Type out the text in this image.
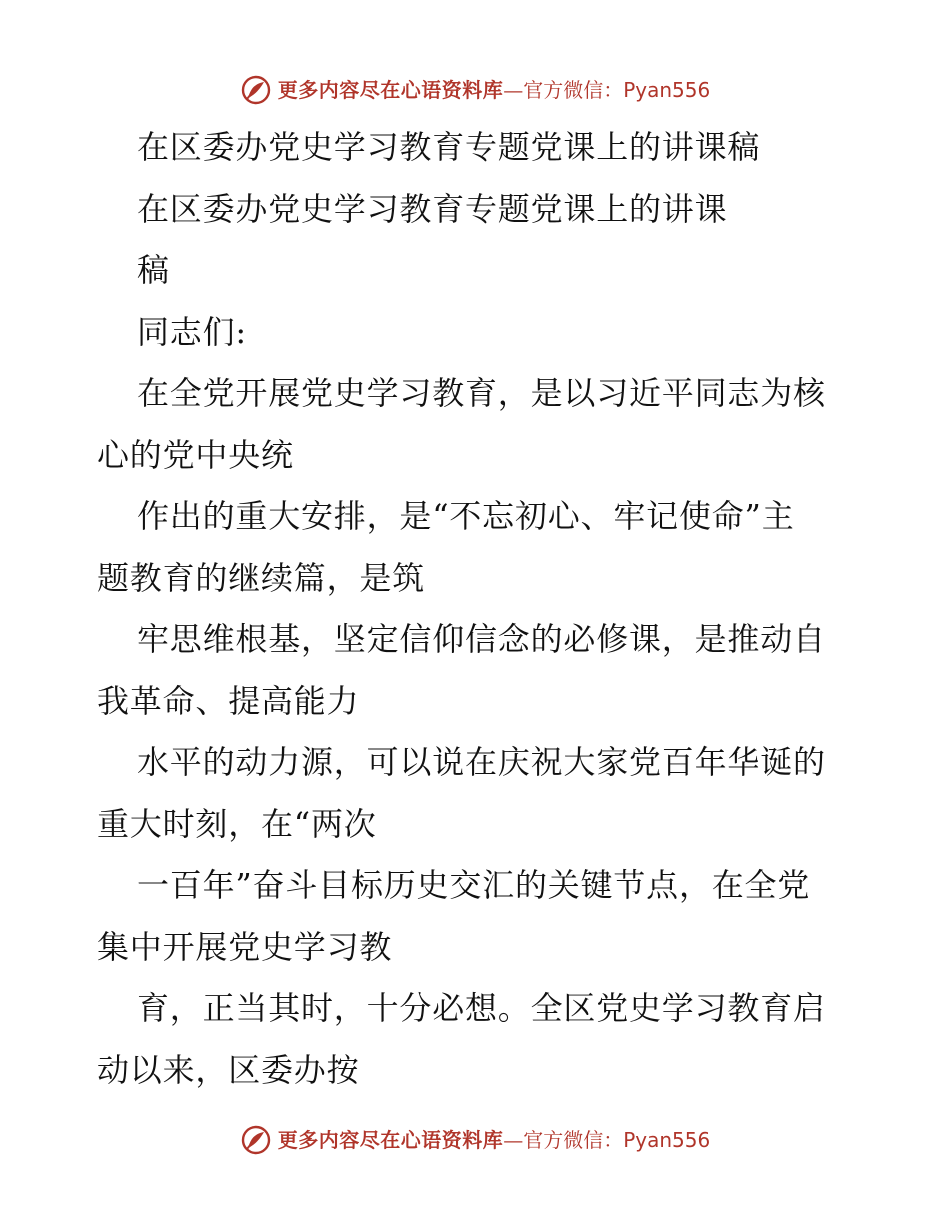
更多内容尽在心语资料库 — 官方微信：Pyan556
在区委办党史学习教育专题党课上的讲课稿
在区委办党史学习教育专题党课上的讲课
稿
同志们:
在全党开展党史学习教育，是以习近平同志为核
心的党中央统
作出的重大安排，是“不忘初心、牢记使命”主
题教育的继续篇，是筑
牢思维根基，坚定信仰信念的必修课，是推动自
我革命、提高能力
水平的动力源，可以说在庆祝大家党百年华诞的
重大时刻，在“两次
一百年”奋斗目标历史交汇的关键节点，在全党
集中开展党史学习教
育，正当其时，十分必想。全区党史学习教育启
动以来，区委办按
更多内容尽在心语资料库 — 官方微信：Pyan556
